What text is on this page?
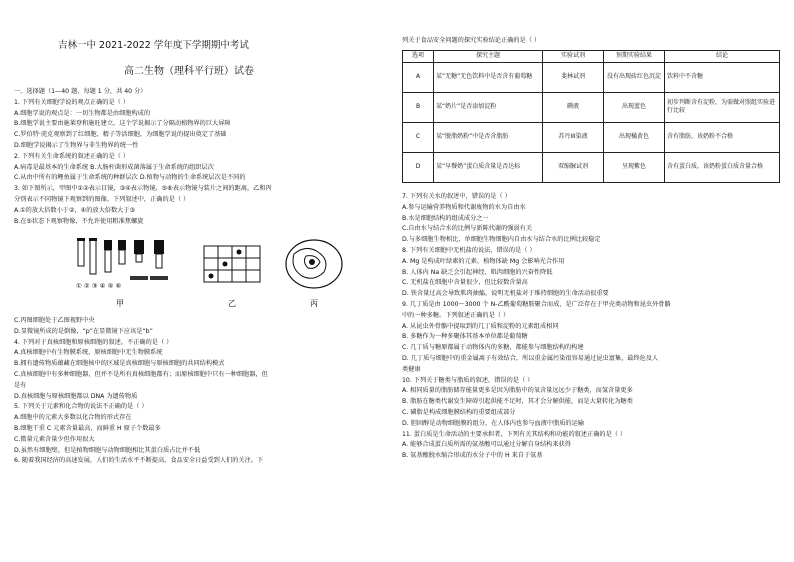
吉林一中 2021-2022 学年度下学期期中考试
高二生物（理科平行班）试卷
一、选择题（1—40 题，每题 1 分，共 40 分）
1. 下列有关细胞学说的观点正确的是（ ）
A.细胞学说的观点是：一切生物都是由细胞构成的
B.细胞学说主要由施莱登和施旺建立，这个学说揭示了分隔动植物界的巨大屏障
C.罗伯特·虎克观察到了红细胞、精子等活细胞，为细胞学说的提出奠定了基础
D.细胞学说揭示了生物界与非生物界的统一性
2. 下列有关生命系统的叙述正确的是（ ）
A.病毒是最基本的生命系统 B.大肠杆菌形成菌落属于生命系统的组织层次
C.从由中所有的鲤鱼属于生命系统的种群层次 D.植物与动物的生命系统层次是不同的
3. 如下图所示，甲图中①②表示目镜，③④表示物镜，⑤⑥表示物镜与装片之间的距离，乙和丙
分别表示不同物镜下观察到的图像。下列叙述中，正确的是（ ）
A.①的放大倍数小于②，④的放大倍数大于③
B.在⑤状态下观察物像，不允许使用粗准焦螺旋
① ② ③ ④ ⑤ ⑥
甲	乙	丙
C.丙图细胞处于乙图视野中央
D.显微镜所成的是倒像，“p”在显微镜下应该是“b”
4. 下列对于真核细胞和原核细胞的叙述，不正确的是（ ）
A.真核细胞中有生物膜系统，原核细胞中无生物膜系统
B.拥有遗传物质蕴藏在细胞核中的区域是真核细胞与原核细胞的共同结构模式
C.真核细胞中有多种细胞器，但并不是所有真核细胞都有；而原核细胞中只有一种细胞器，但
是有
D.真核细胞与原核细胞都以 DNA 为遗传物质
5. 下列关于元素和化合物的说法不正确的是（ ）
A.细胞中的元素大多数以化合物的形式存在
B.细胞干重 C 元素含量最高，而鲜重 H 原子个数最多
C.微量元素含量少但作用很大
D.虽然有细胞壁，但是植物细胞与动物细胞相比其蛋白质占比并不低
6. 随着我国经济的高速发展，人们的生活水平不断提高，食品安全日益受到人们的关注。下
列关于食品安全问题的探究实验结论正确的是（ ）
选项	探究主题	实验试剂	预期实验结果	结论
A	某“无糖”无色饮料中是否含有葡萄糖	斐林试剂	没有出现砖红色沉淀	饮料中不含糖
B	某“奶片”是否添加淀粉	碘液	出现蓝色	初步判断含有淀粉，为需做对照组实验进行比较
C	某“脱脂奶粉”中是否含脂肪	苏丹III染液	出现橘黄色	含有脂肪，该奶粉不合格
D	某“早餐奶”蛋白质含量是否达标	双缩脲试剂	呈现紫色	含有蛋白质，该奶粉蛋白质含量合格
7. 下列有关水的叙述中，错误的是（ ）
A.参与运输营养物质和代谢废物的水为自由水
B.水是细胞结构的组成成分之一
C.自由水与结合水的比例与新陈代谢的强弱有关
D.与多细胞生物相比，单细胞生物细胞内自由水与结合水的比例比较稳定
8. 下列有关细胞中无机盐的说法，错误的是（ ）
A. Mg 是构成叶绿素的元素，植物体缺 Mg 会影响光合作用
B. 人体内 Na 缺乏会引起神经、肌肉细胞的兴奋性降低
C. 无机盐在细胞中含量很少，但比较数含量高
D. 铁含量过高会导致肌肉抽搐，说明无机盐对于维持细胞的生命活动很重要
9. 几丁质是由 1000～3000 个 N-乙酰葡萄糖胺聚合而成，是广泛存在于甲壳类动物和昆虫外骨骼
中的一种多糖。下列叙述正确的是（ ）
A. 从昆虫外骨骼中提取到的几丁质和淀粉的元素组成相同
B. 多糖作为一种多聚体其基本单位都是葡萄糖
C. 几丁质与糖原都属于动物体内的多糖，都能参与细胞结构的构建
D. 几丁质与细胞中的重金属离子有效结合，所以重金属污染很容易通过昆虫富集，最终危及人
类健康
10. 下列关于糖类与脂质的叙述，错误的是（ ）
A. 相同质量的脂肪储存能量更多是因为脂肪中的氧含量远远少于糖类，而氢含量更多
B. 脂肪在糖类代谢发生障碍引起供能不足时，其才会分解供能，而是大量转化为糖类
C. 磷脂是构成细胞膜结构的重要组成部分
D. 胆固醇是动物细胞膜的组分，在人体内也参与血液中脂质的运输
11. 蛋白质是生命活动的主要承担者，下列有关其结构和功能的叙述正确的是（ ）
A. 能够合成蛋白质所需的氨基酸可以通过分解自身结构来获得
B. 氨基酸脱水缩合形成的水分子中的 H 来自于氨基
